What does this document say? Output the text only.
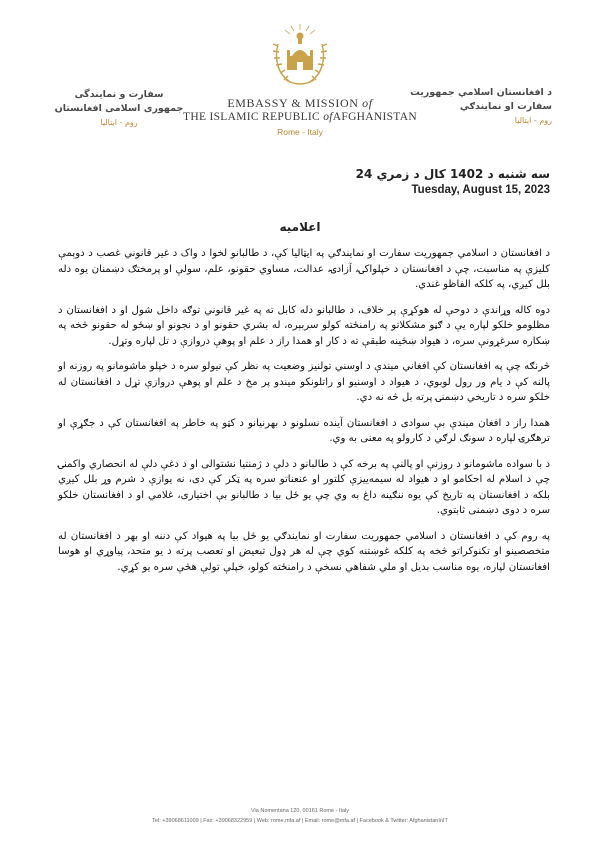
د افغانستان اسلامي جمهوریت
سفارت او نمایندګي
روم - ایتالیا
EMBASSY & MISSION of
THE ISLAMIC REPUBLIC ofAFGHANISTAN
Rome - Italy
سفارت و نمایندگی
جمهوری اسلامی افغانستان
روم - ایتالیا
سه شنبه د 1402 کال د زمري 24
Tuesday, August 15, 2023
اعلامیه

د افغانستان د اسلامي جمهوریت سفارت او نمایندګي په ایټالیا کې، د طالبانو لخوا د واک د غیر قانوني غصب د دوېمې کلیزې په مناسبت، چې د افغانستان د خپلواکۍ، آزادۍ، عدالت، مساوي حقونو، علم، سولې او پرمختګ دښمنان یوه دله بلل کیږي، په کلکه الفاظو غندي.

دوه کاله وړاندې د دوحې له هوکړې پر خلاف، د طالبانو دله کابل ته په غیر قانوني توګه داخل شول او د افغانستان د مظلومو خلکو لپاره یې د ګڼو مشکلاتو په رامنځته کولو سربېره، له بشري حقونو او د نجونو او ښځو له حقونو څخه په ښکاره سرغړونې سره، د هیواد ښځینه طبقې ته د کار او همدا راز د علم او پوهې دروازې د تل لپاره وتړل.

څرنګه چې په افغانستان کې افغاني میندې د اوسني تولنیز وضعیت په نظر کې نیولو سره د خپلو ماشومانو په روزنه او پالنه کې د یام ور رول لوبوي، د هیواد د اوسنیو او راتلونکو میندو پر مخ د علم او پوهې دروازې تړل د افغانستان له خلکو سره د تاریخي دښمنۍ پرته بل څه نه دي.

همدا راز د افغان میندې بې سوادی د افغانستان آینده نسلونو د بهرنیانو د کټو په خاطر په افغانستان کې د جګړې او ترهګرۍ لپاره د سونګ لرګي د کارولو په معنی به وي.

د با سواده ماشومانو د روزنې او پالنې په برخه کې د طالبانو د دلې د ژمنتیا نشتوالی او د دغې دلې له انحصاري واکمنۍ چې د اسلام له احکامو او د هیواد له سیمه‌ییزې کلتور او عنعناتو سره په ټکر کې دی، نه یوازې د شرم وړ بلل کیږي بلکه د افغانستان په تاریخ کې یوه ننګینه داغ به وي چې یو ځل بیا د طالبانو بې اختیاری، غلامي او د افغانستان خلکو سره د دوی دښمنی ثابتوي.

په روم کې د افغانستان د اسلامي جمهوریت سفارت او نمایندګي یو ځل بیا په هیواد کې دننه او بهر د افغانستان له متخصصینو او تکنوکراتو څخه په کلکه غوښتنه کوي چې له هر ډول تبعیض او تعصب پرته د یو متحد، پیاوړي او هوسا افغانستان لپاره، یوه مناسب بدیل او ملي شفاهي نسخې د رامنځته کولو، خپلې تولې هڅې سره یو کړي.

Via Nomentana 120, 00161 Rome - Italy
Tel: +39068611009 | Fax: +39068322959 | Web: rome.mfa.af | Email: rome@mfa.af | Facebook & Twitter: AfghanistanInIT
